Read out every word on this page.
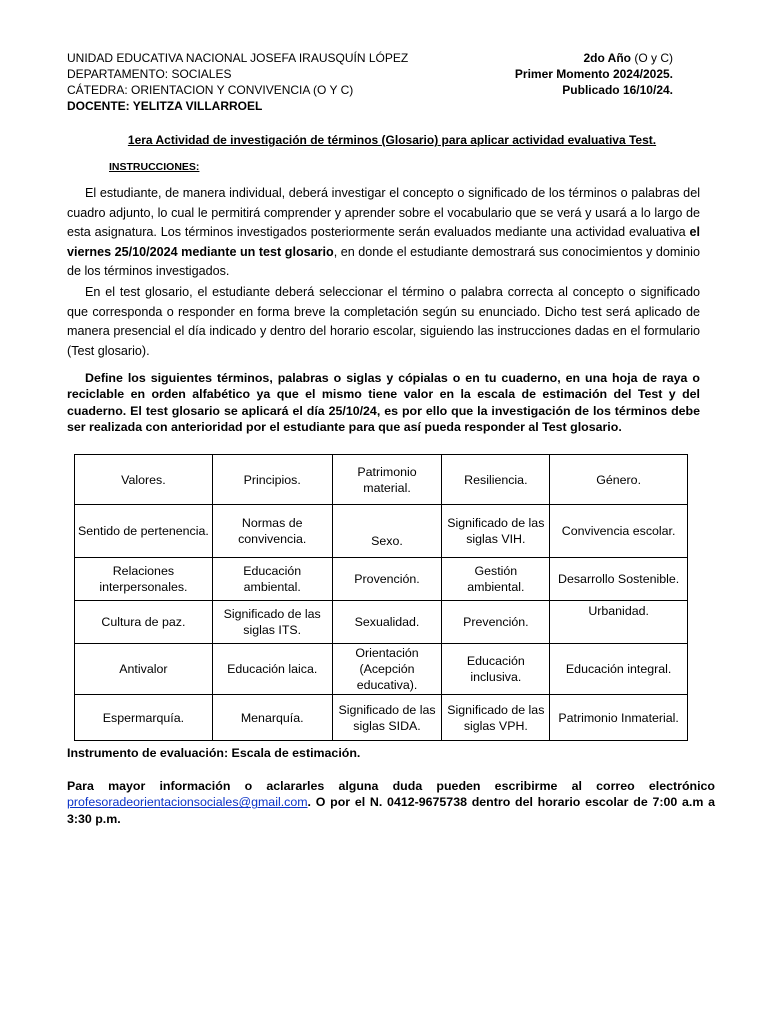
UNIDAD EDUCATIVA NACIONAL JOSEFA IRAUSQUÍN LÓPEZ	2do Año (O y C)
DEPARTAMENTO: SOCIALES	Primer Momento 2024/2025.
CÁTEDRA: ORIENTACION Y CONVIVENCIA (O Y C)	Publicado 16/10/24.
DOCENTE: YELITZA VILLARROEL
1era Actividad de investigación de términos (Glosario) para aplicar actividad evaluativa Test.
INSTRUCCIONES:
El estudiante, de manera individual, deberá investigar el concepto o significado de los términos o palabras del cuadro adjunto, lo cual le permitirá comprender y aprender sobre el vocabulario que se verá y usará a lo largo de esta asignatura. Los términos investigados posteriormente serán evaluados mediante una actividad evaluativa el viernes 25/10/2024 mediante un test glosario, en donde el estudiante demostrará sus conocimientos y dominio de los términos investigados.
En el test glosario, el estudiante deberá seleccionar el término o palabra correcta al concepto o significado que corresponda o responder en forma breve la completación según su enunciado. Dicho test será aplicado de manera presencial el día indicado y dentro del horario escolar, siguiendo las instrucciones dadas en el formulario (Test glosario).
Define los siguientes términos, palabras o siglas y cópialas o en tu cuaderno, en una hoja de raya o reciclable en orden alfabético ya que el mismo tiene valor en la escala de estimación del Test y del cuaderno. El test glosario se aplicará el día 25/10/24, es por ello que la investigación de los términos debe ser realizada con anterioridad por el estudiante para que así pueda responder al Test glosario.
Valores.	Principios.	Patrimonio material.	Resiliencia.	Género.
Sentido de pertenencia.	Normas de convivencia.	Sexo.	Significado de las siglas VIH.	Convivencia escolar.
Relaciones interpersonales.	Educación ambiental.	Provención.	Gestión ambiental.	Desarrollo Sostenible.
Cultura de paz.	Significado de las siglas ITS.	Sexualidad.	Prevención.	Urbanidad.
Antivalor	Educación laica.	Orientación (Acepción educativa).	Educación inclusiva.	Educación integral.
Espermarquía.	Menarquía.	Significado de las siglas SIDA.	Significado de las siglas VPH.	Patrimonio Inmaterial.
Instrumento de evaluación: Escala de estimación.
Para mayor información o aclararles alguna duda pueden escribirme al correo electrónico profesoradeorientacionsociales@gmail.com. O por el N. 0412-9675738 dentro del horario escolar de 7:00 a.m a 3:30 p.m.
